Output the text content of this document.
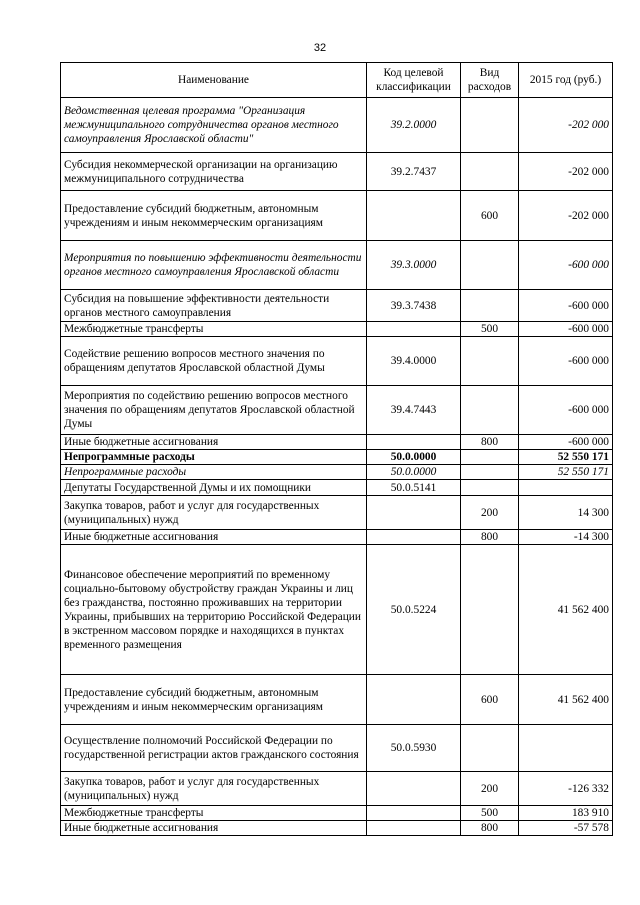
32
Наименование	Код целевой классификации	Вид расходов	2015 год (руб.)
Ведомственная целевая программа "Организация межмуниципального сотрудничества органов местного самоуправления Ярославской области"	39.2.0000		-202 000
Субсидия некоммерческой организации на организацию межмуниципального сотрудничества	39.2.7437		-202 000
Предоставление субсидий бюджетным, автономным учреждениям и иным некоммерческим организациям		600	-202 000
Мероприятия по повышению эффективности деятельности органов местного самоуправления Ярославской области	39.3.0000		-600 000
Субсидия на повышение эффективности деятельности органов местного самоуправления	39.3.7438		-600 000
Межбюджетные трансферты		500	-600 000
Содействие решению вопросов местного значения по обращениям депутатов Ярославской областной Думы	39.4.0000		-600 000
Мероприятия по содействию решению вопросов местного значения по обращениям депутатов Ярославской областной Думы	39.4.7443		-600 000
Иные бюджетные ассигнования		800	-600 000
Непрограммные расходы	50.0.0000		52 550 171
Непрограммные расходы	50.0.0000		52 550 171
Депутаты Государственной Думы и их помощники	50.0.5141		
Закупка товаров, работ и услуг для государственных (муниципальных) нужд		200	14 300
Иные бюджетные ассигнования		800	-14 300
Финансовое обеспечение мероприятий по временному социально-бытовому обустройству граждан Украины и лиц без гражданства, постоянно проживавших на территории Украины, прибывших на территорию Российской Федерации в экстренном массовом порядке и находящихся в пунктах временного размещения	50.0.5224		41 562 400
Предоставление субсидий бюджетным, автономным учреждениям и иным некоммерческим организациям		600	41 562 400
Осуществление полномочий Российской Федерации по государственной регистрации актов гражданского состояния	50.0.5930		
Закупка товаров, работ и услуг для государственных (муниципальных) нужд		200	-126 332
Межбюджетные трансферты		500	183 910
Иные бюджетные ассигнования		800	-57 578
